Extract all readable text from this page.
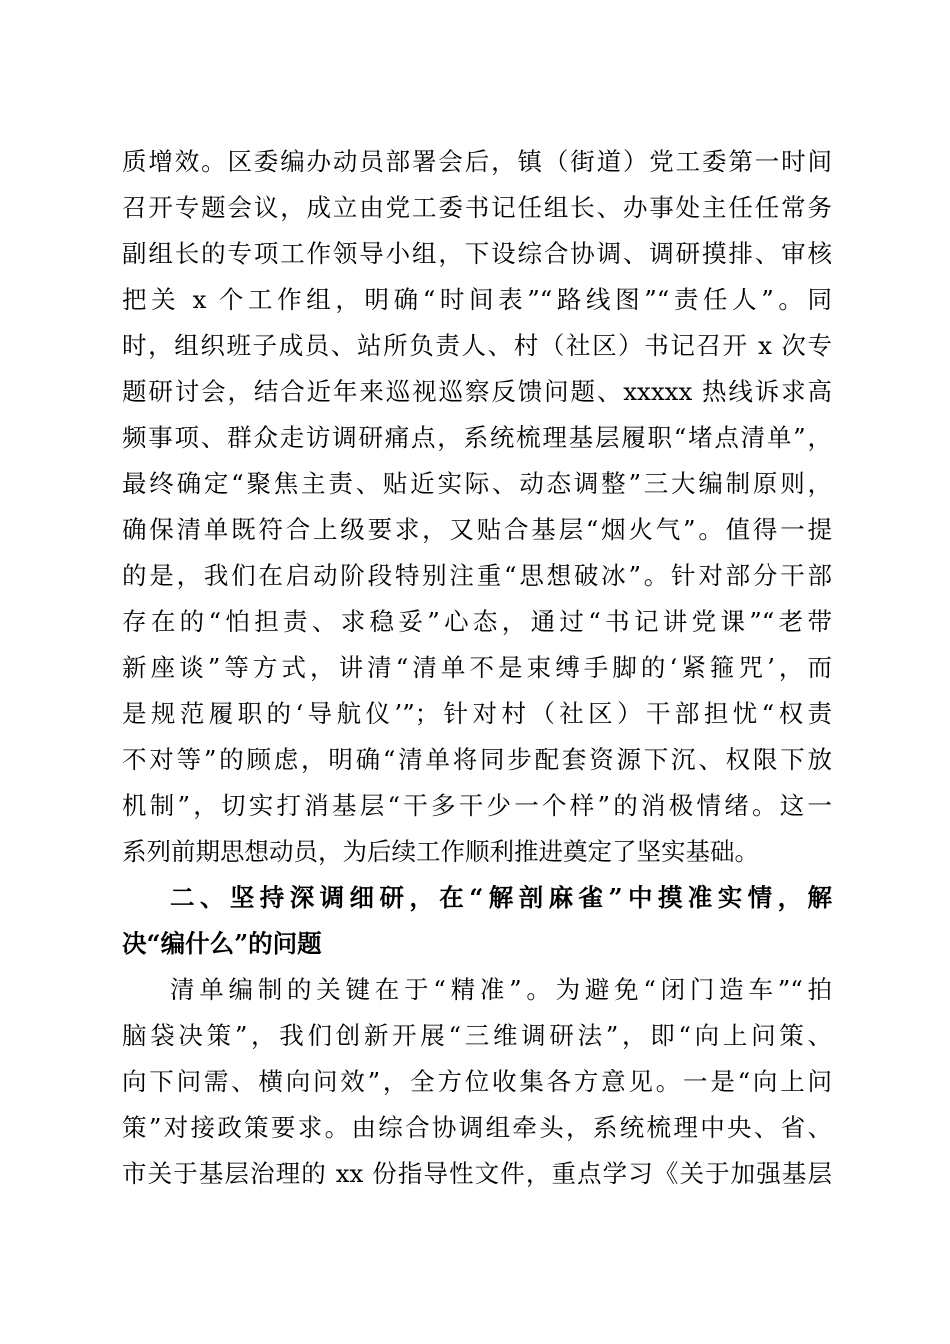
质增效。区委编办动员部署会后，镇（街道）党工委第一时间
召开专题会议，成立由党工委书记任组长、办事处主任任常务
副组长的专项工作领导小组，下设综合协调、调研摸排、审核
把关 x 个工作组，明确“时间表”“路线图”“责任人”。同
时，组织班子成员、站所负责人、村（社区）书记召开 x 次专
题研讨会，结合近年来巡视巡察反馈问题、xxxxx 热线诉求高
频事项、群众走访调研痛点，系统梳理基层履职“堵点清单”，
最终确定“聚焦主责、贴近实际、动态调整”三大编制原则，
确保清单既符合上级要求，又贴合基层“烟火气”。值得一提
的是，我们在启动阶段特别注重“思想破冰”。针对部分干部
存在的“怕担责、求稳妥”心态，通过“书记讲党课”“老带
新座谈”等方式，讲清“清单不是束缚手脚的‘紧箍咒’，而
是规范履职的‘导航仪’”；针对村（社区）干部担忧“权责
不对等”的顾虑，明确“清单将同步配套资源下沉、权限下放
机制”，切实打消基层“干多干少一个样”的消极情绪。这一
系列前期思想动员，为后续工作顺利推进奠定了坚实基础。
二、坚持深调细研，在“解剖麻雀”中摸准实情，解
决“编什么”的问题
清单编制的关键在于“精准”。为避免“闭门造车”“拍
脑袋决策”，我们创新开展“三维调研法”，即“向上问策、
向下问需、横向问效”，全方位收集各方意见。一是“向上问
策”对接政策要求。由综合协调组牵头，系统梳理中央、省、
市关于基层治理的 xx 份指导性文件，重点学习《关于加强基层
